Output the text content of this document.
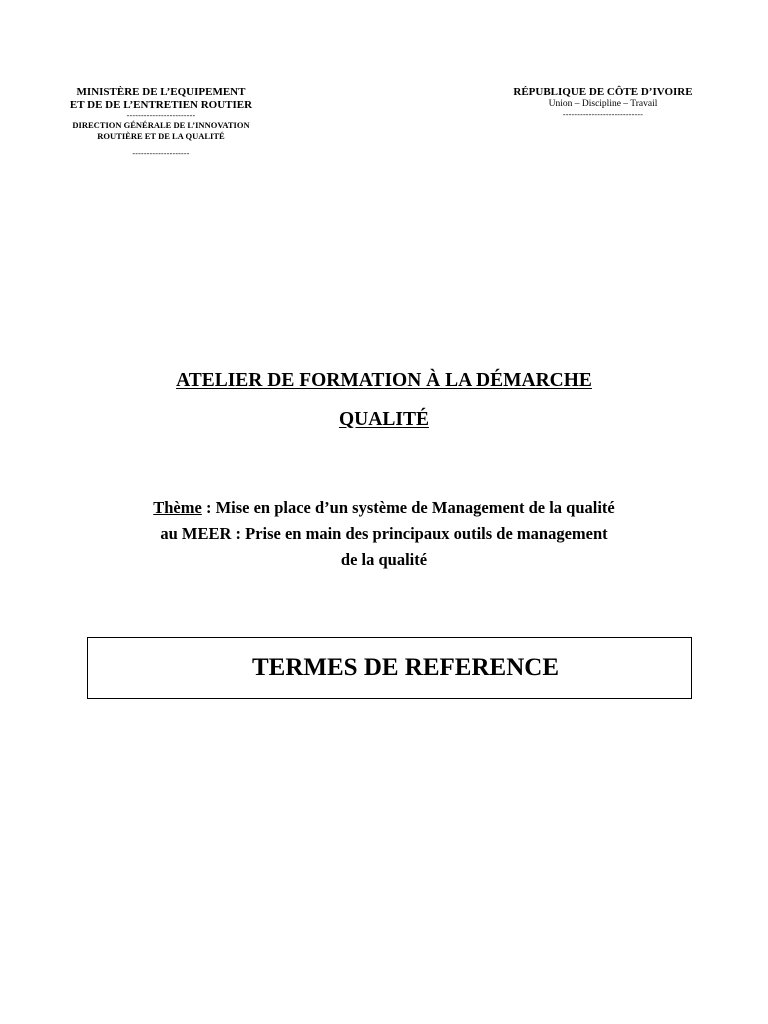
MINISTÈRE DE L’EQUIPEMENT
ET DE DE L’ENTRETIEN ROUTIER
------------------------
DIRECTION GÉNÉRALE DE L’INNOVATION
ROUTIÈRE ET DE LA QUALITÉ
--------------------
RÉPUBLIQUE DE CÔTE D’IVOIRE
Union – Discipline – Travail
----------------------------
ATELIER DE FORMATION À LA DÉMARCHE
QUALITÉ
Thème : Mise en place d’un système de Management de la qualité
au MEER : Prise en main des principaux outils de management
de la qualité
TERMES DE REFERENCE
